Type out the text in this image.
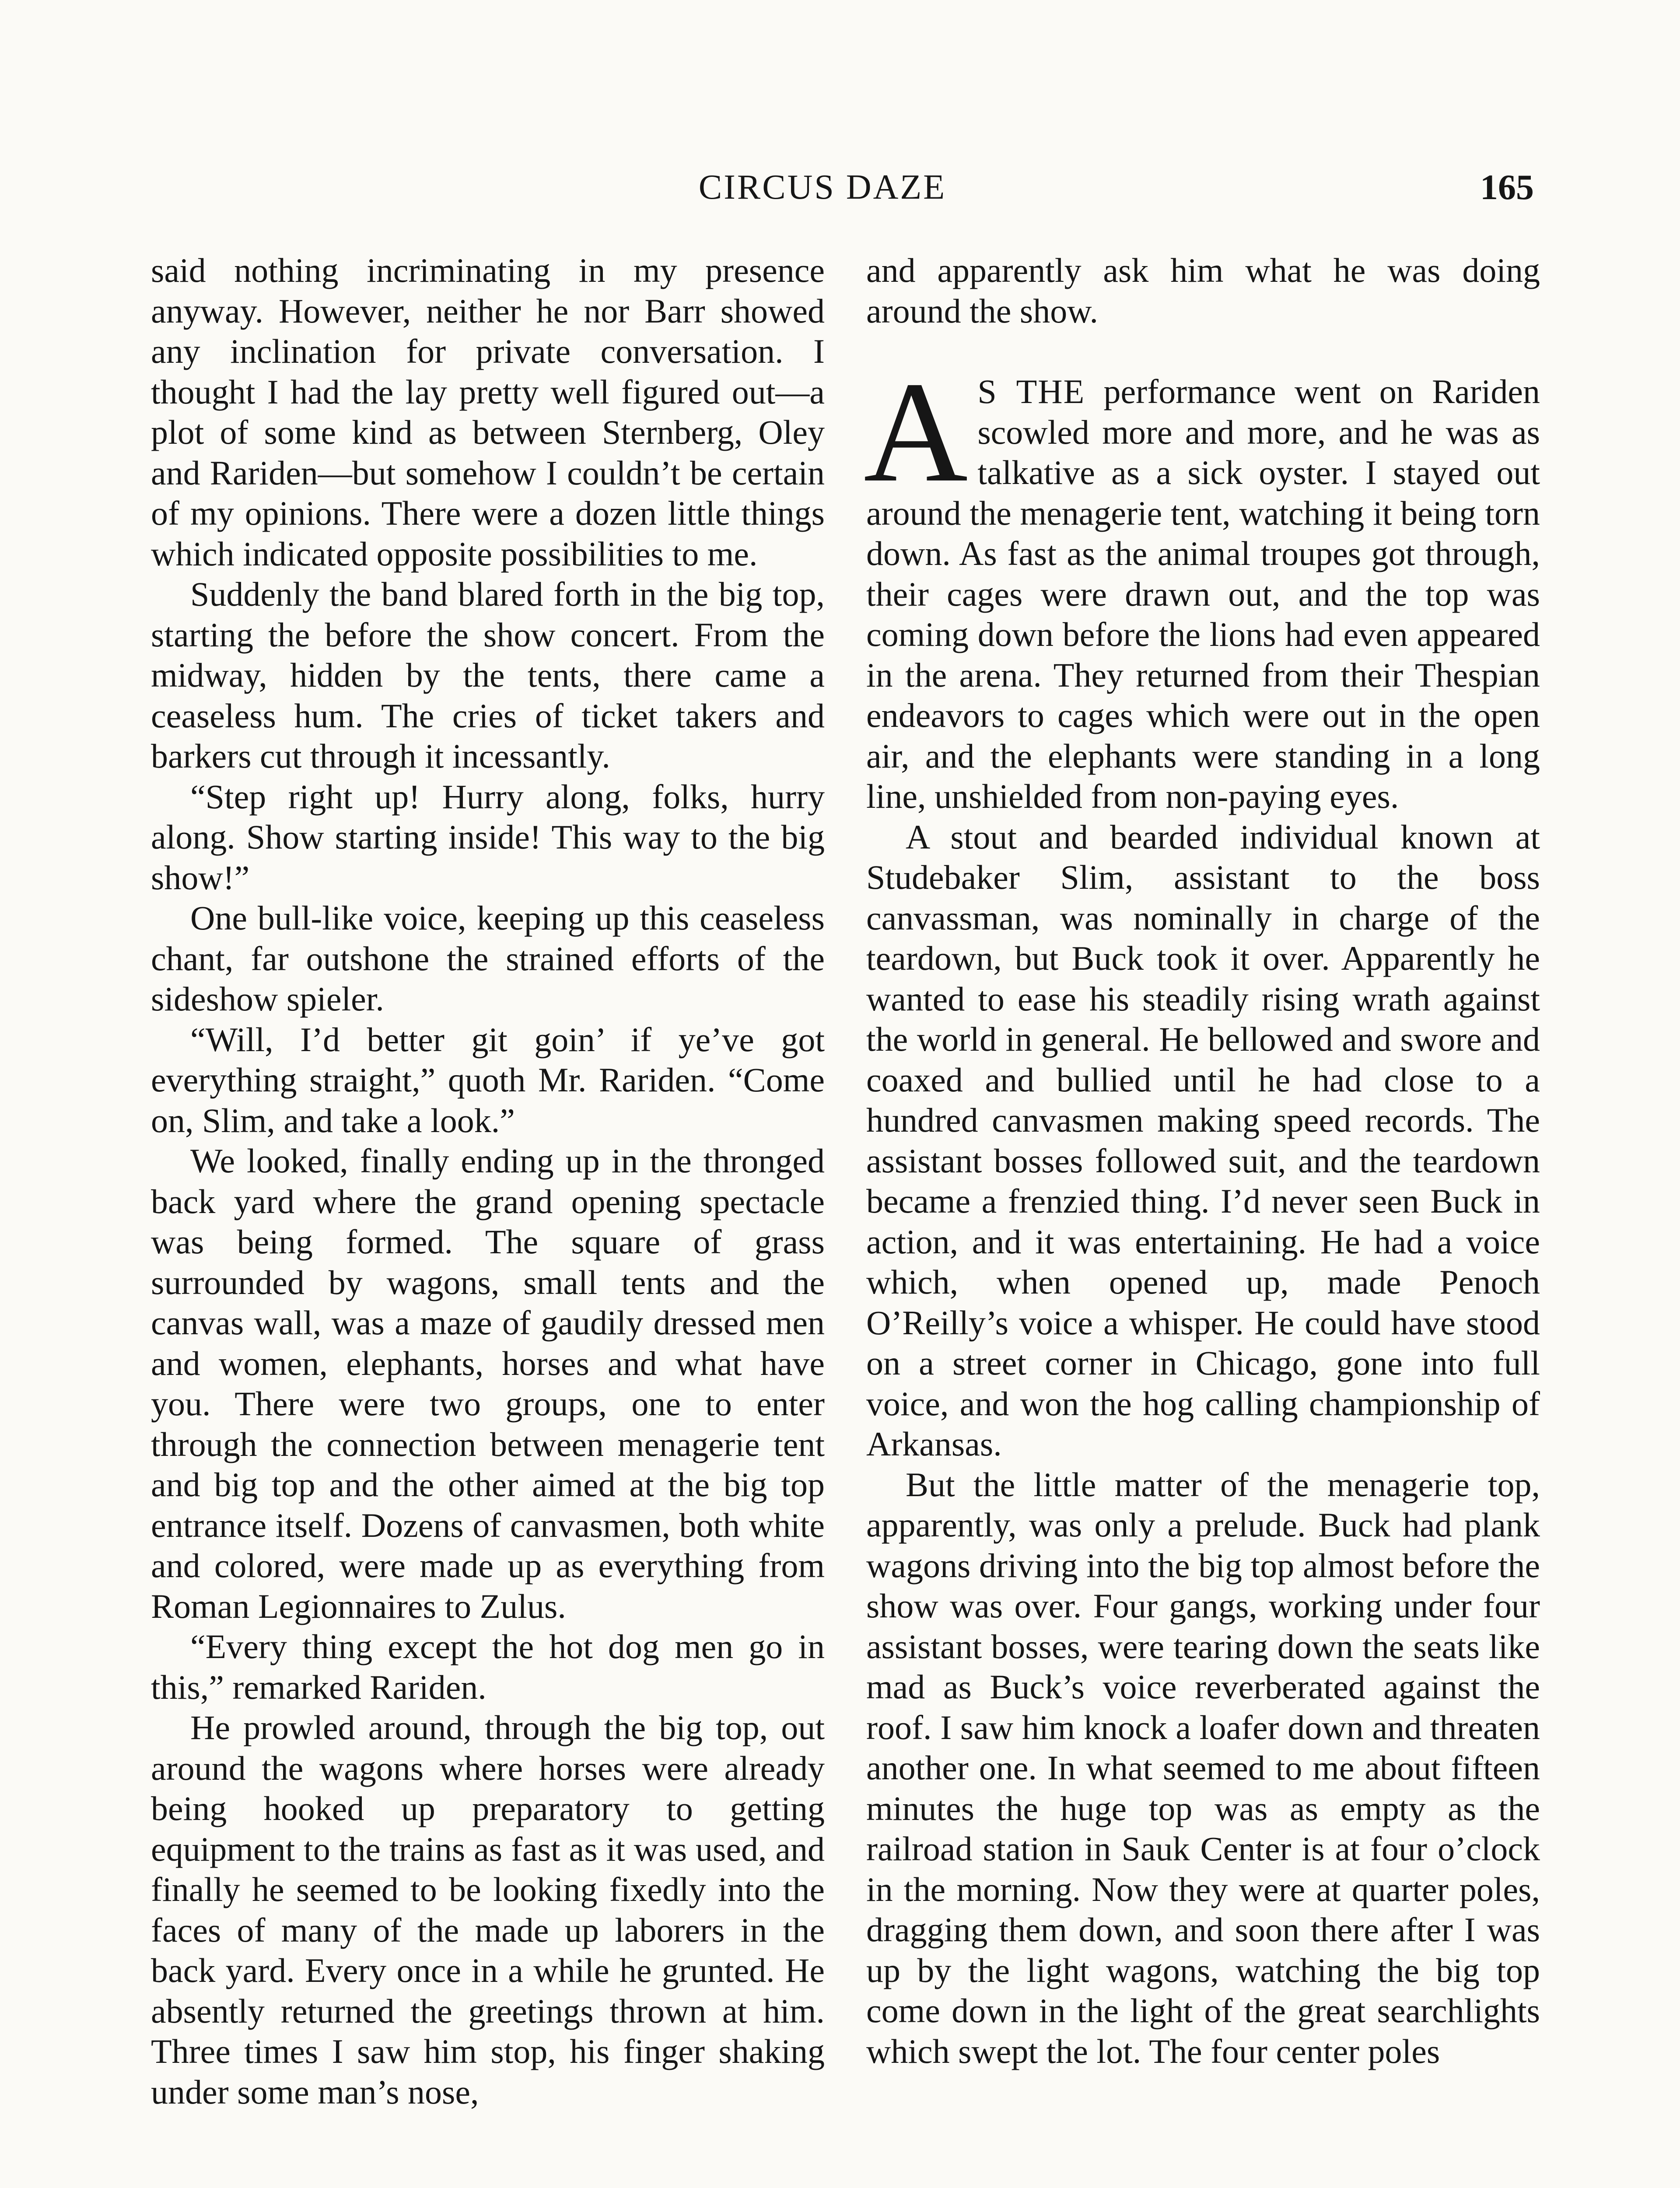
CIRCUS DAZE	165

said nothing incriminating in my presence anyway. However, neither he nor Barr showed any inclination for private conversation. I thought I had the lay pretty well figured out—a plot of some kind as between Sternberg, Oley and Rariden—but somehow I couldn’t be certain of my opinions. There were a dozen little things which indicated opposite possibilities to me.

Suddenly the band blared forth in the big top, starting the before the show concert. From the midway, hidden by the tents, there came a ceaseless hum. The cries of ticket takers and barkers cut through it incessantly.

“Step right up! Hurry along, folks, hurry along. Show starting inside! This way to the big show!”

One bull-like voice, keeping up this ceaseless chant, far outshone the strained efforts of the sideshow spieler.

“Will, I’d better git goin’ if ye’ve got everything straight,” quoth Mr. Rariden. “Come on, Slim, and take a look.”

We looked, finally ending up in the thronged back yard where the grand opening spectacle was being formed. The square of grass surrounded by wagons, small tents and the canvas wall, was a maze of gaudily dressed men and women, elephants, horses and what have you. There were two groups, one to enter through the connection between menagerie tent and big top and the other aimed at the big top entrance itself. Dozens of canvasmen, both white and colored, were made up as everything from Roman Legionnaires to Zulus.

“Every thing except the hot dog men go in this,” remarked Rariden.

He prowled around, through the big top, out around the wagons where horses were already being hooked up preparatory to getting equipment to the trains as fast as it was used, and finally he seemed to be looking fixedly into the faces of many of the made up laborers in the back yard. Every once in a while he grunted. He absently returned the greetings thrown at him. Three times I saw him stop, his finger shaking under some man’s nose,

and apparently ask him what he was doing around the show.

A S THE performance went on Rariden scowled more and more, and he was as talkative as a sick oyster. I stayed out around the menagerie tent, watching it being torn down. As fast as the animal troupes got through, their cages were drawn out, and the top was coming down before the lions had even appeared in the arena. They returned from their Thespian endeavors to cages which were out in the open air, and the elephants were standing in a long line, unshielded from non-paying eyes.

A stout and bearded individual known at Studebaker Slim, assistant to the boss canvassman, was nominally in charge of the teardown, but Buck took it over. Apparently he wanted to ease his steadily rising wrath against the world in general. He bellowed and swore and coaxed and bullied until he had close to a hundred canvasmen making speed records. The assistant bosses followed suit, and the teardown became a frenzied thing. I’d never seen Buck in action, and it was entertaining. He had a voice which, when opened up, made Penoch O’Reilly’s voice a whisper. He could have stood on a street corner in Chicago, gone into full voice, and won the hog calling championship of Arkansas.

But the little matter of the menagerie top, apparently, was only a prelude. Buck had plank wagons driving into the big top almost before the show was over. Four gangs, working under four assistant bosses, were tearing down the seats like mad as Buck’s voice reverberated against the roof. I saw him knock a loafer down and threaten another one. In what seemed to me about fifteen minutes the huge top was as empty as the railroad station in Sauk Center is at four o’clock in the morning. Now they were at quarter poles, dragging them down, and soon there after I was up by the light wagons, watching the big top come down in the light of the great searchlights which swept the lot. The four center poles
